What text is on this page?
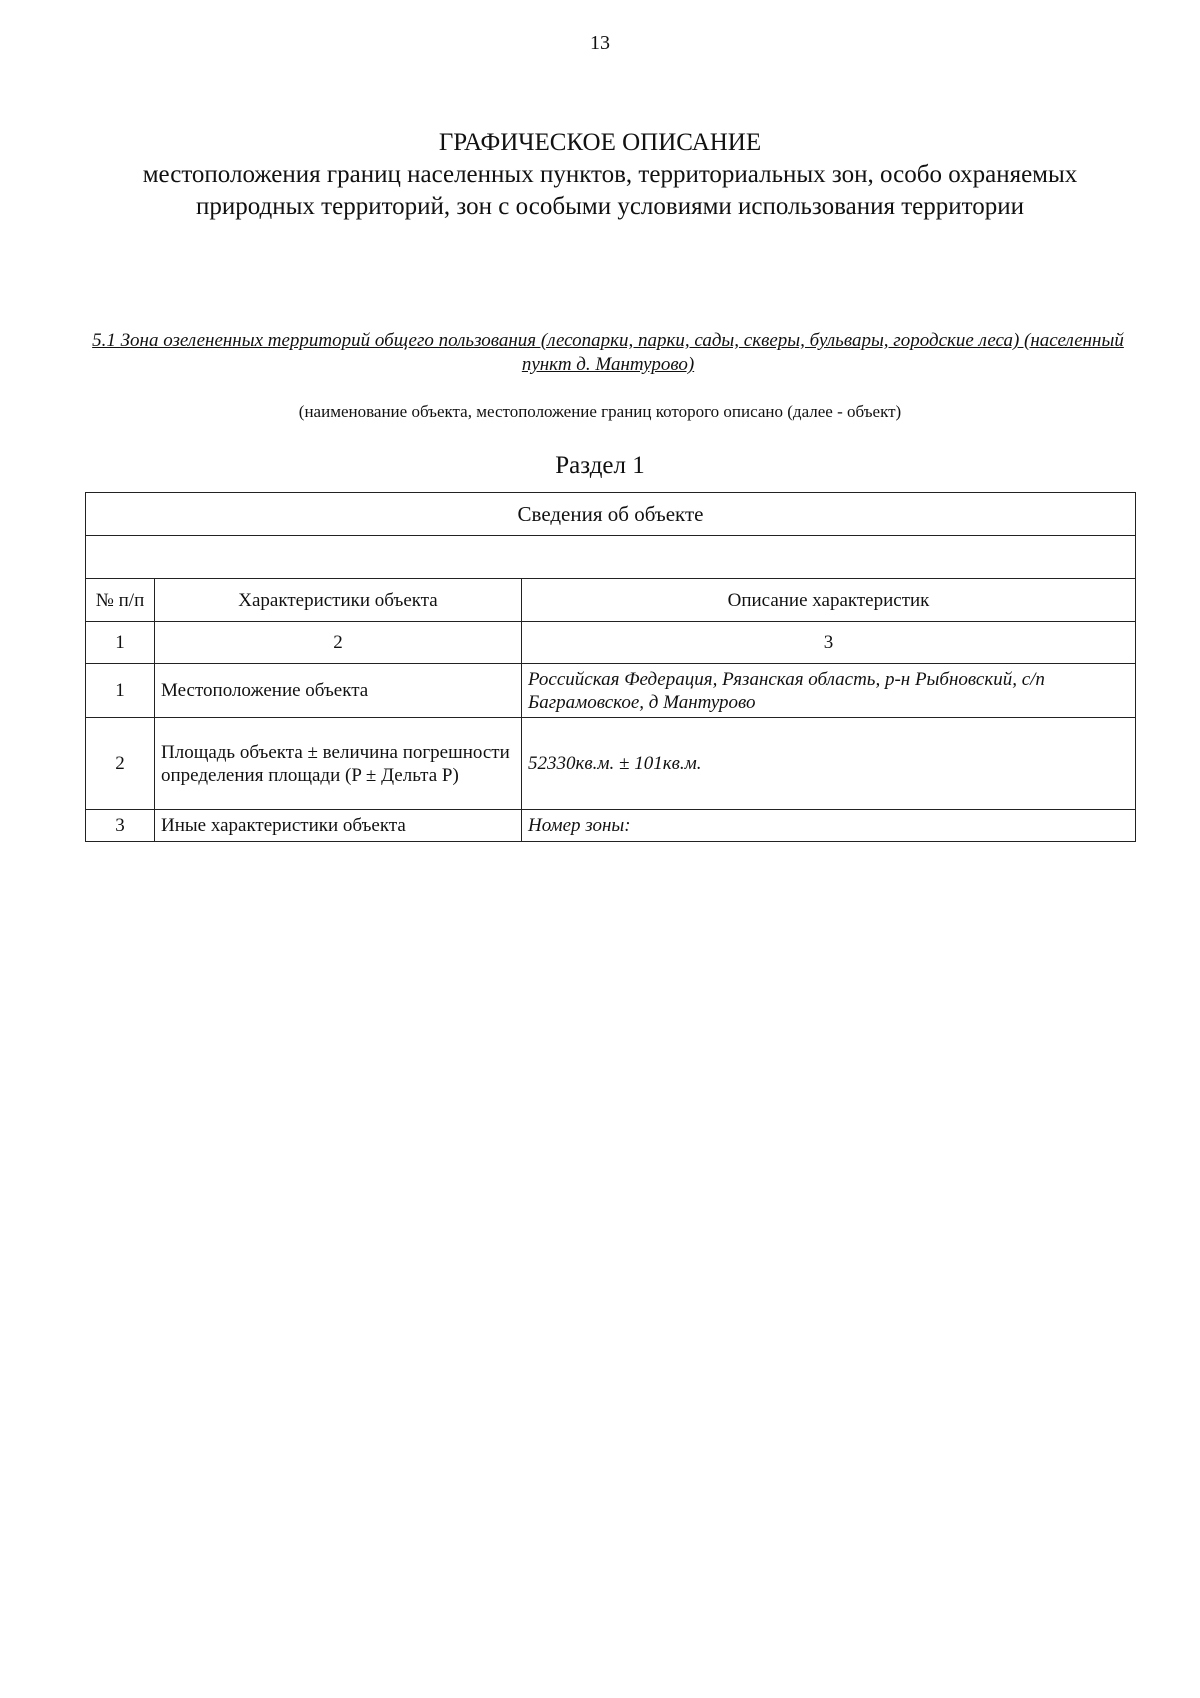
13
ГРАФИЧЕСКОЕ ОПИСАНИЕ
местоположения границ населенных пунктов, территориальных зон, особо охраняемых природных территорий, зон с особыми условиями использования территории
5.1 Зона озелененных территорий общего пользования (лесопарки, парки, сады, скверы, бульвары, городские леса) (населенный пункт д. Мантурово)
(наименование объекта, местоположение границ которого описано (далее - объект)
Раздел 1
Сведения об объекте		

№ п/п	Характеристики объекта	Описание характеристик
1	2	3
1	Местоположение объекта	Российская Федерация, Рязанская область, р-н Рыбновский, с/п Баграмовское, д Мантурово
2	Площадь объекта ± величина погрешности определения площади (P ± Дельта P)	52330кв.м. ± 101кв.м.
3	Иные характеристики объекта	Номер зоны:
